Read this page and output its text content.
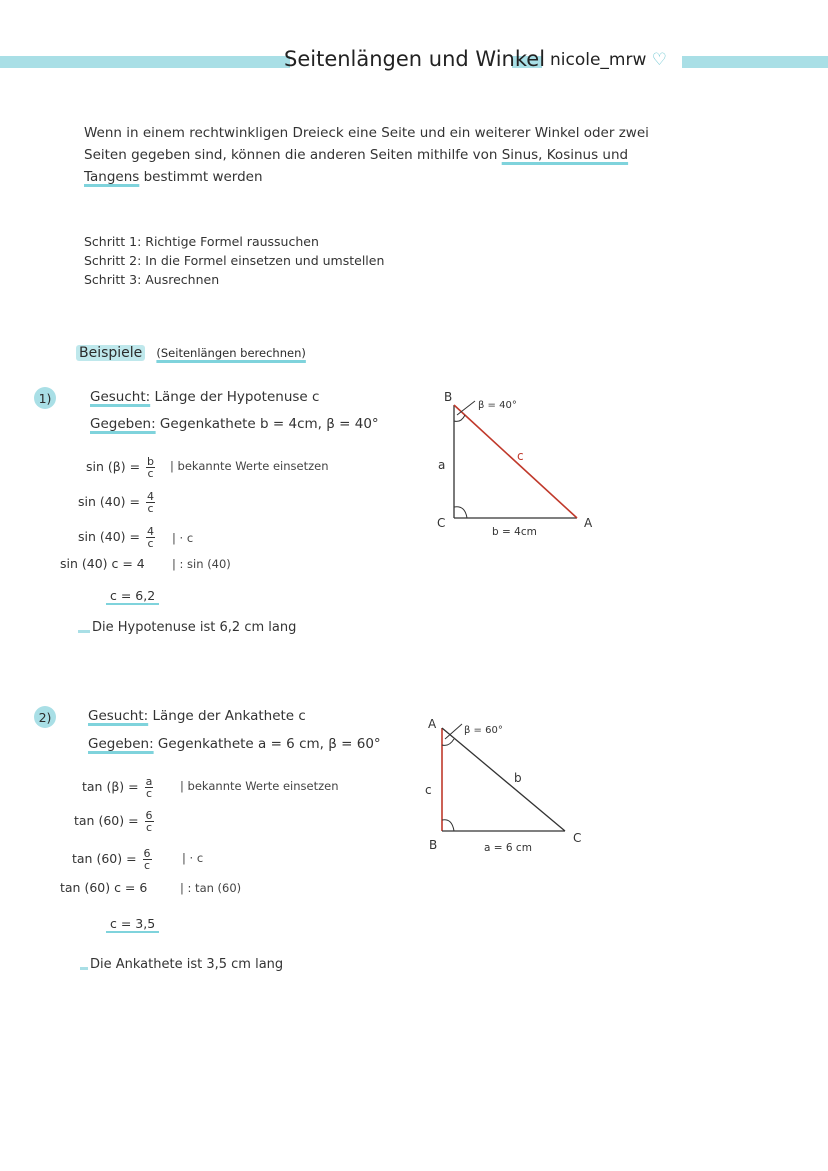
Seitenlängen und Winkel nicole_mrw ♡
Wenn in einem rechtwinkligen Dreieck eine Seite und ein weiterer Winkel oder zwei Seiten gegeben sind, können die anderen Seiten mithilfe von Sinus, Kosinus und Tangens bestimmt werden
Schritt 1: Richtige Formel raussuchen
Schritt 2: In die Formel einsetzen und umstellen
Schritt 3: Ausrechnen
Beispiele (Seitenlängen berechnen)
1)	Gesucht: Länge der Hypotenuse c
Gegeben: Gegenkathete b = 4cm, β = 40°
$\sin (\beta) = \frac{b}{c}$ | bekannte Werte einsetzen
$\sin (40) = \frac{4}{c}$
$\sin (40) = \frac{4}{c}$ | · c
sin (40) c = 4 | : sin (40)
c = 6,2
Die Hypotenuse ist 6,2 cm lang
B
C	A
a
c
b = 4cm
β = 40°
2)	Gesucht: Länge der Ankathete c
Gegeben: Gegenkathete a = 6 cm, β = 60°
$\tan (\beta) = \frac{a}{c}$ | bekannte Werte einsetzen
$\tan (60) = \frac{6}{c}$
$\tan (60) = \frac{6}{c}$	| · c
tan (60) c = 6	| : tan (60)
c = 3,5
Die Ankathete ist 3,5 cm lang
A
B	C
c
b
a = 6 cm
β = 60°
